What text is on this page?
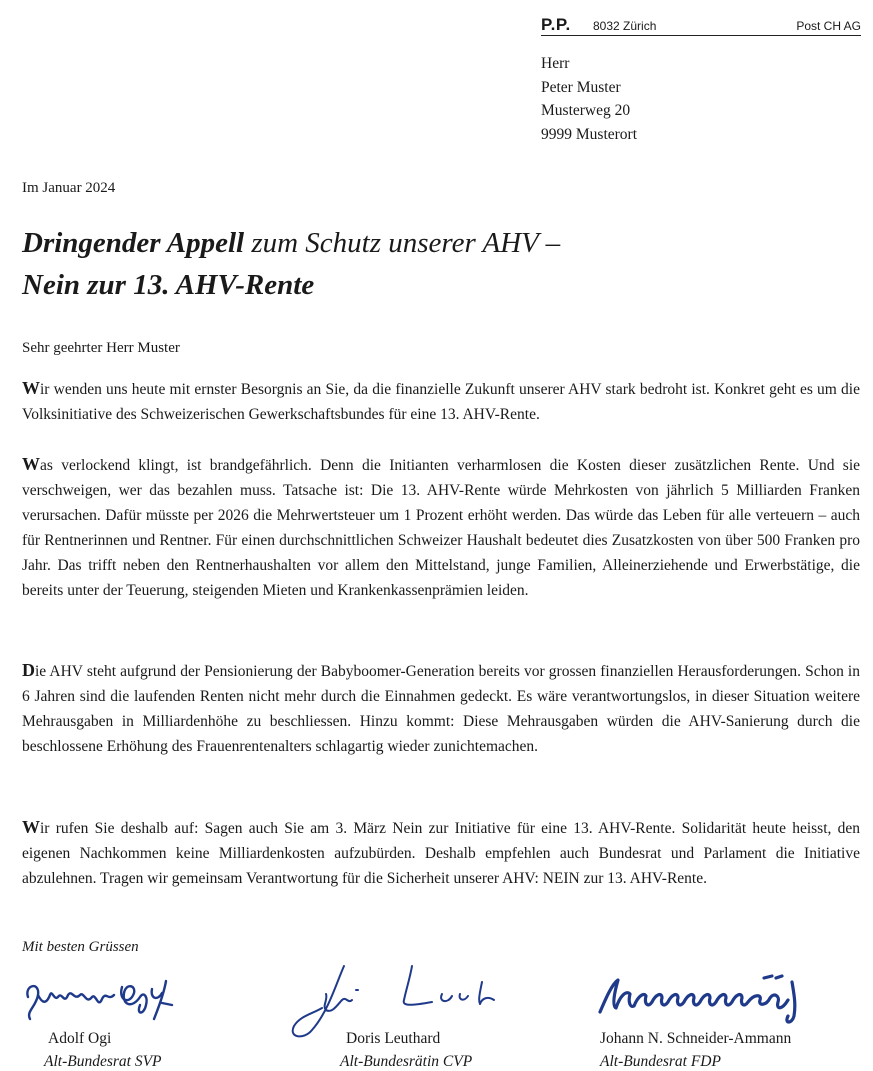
P.P. 8032 Zürich	Post CH AG
Herr
Peter Muster
Musterweg 20
9999 Musterort
Im Januar 2024
Dringender Appell zum Schutz unserer AHV –
Nein zur 13. AHV-Rente
Sehr geehrter Herr Muster
Wir wenden uns heute mit ernster Besorgnis an Sie, da die finanzielle Zukunft unserer AHV stark bedroht ist. Konkret geht es um die Volksinitiative des Schweizerischen Gewerkschaftsbundes für eine 13. AHV-Rente.
Was verlockend klingt, ist brandgefährlich. Denn die Initianten verharmlosen die Kosten dieser zusätzlichen Rente. Und sie verschweigen, wer das bezahlen muss. Tatsache ist: Die 13. AHV-Rente würde Mehrkosten von jährlich 5 Milliarden Franken verursachen. Dafür müsste per 2026 die Mehrwertsteuer um 1 Prozent erhöht werden. Das würde das Leben für alle verteuern – auch für Rentnerinnen und Rentner. Für einen durchschnittlichen Schweizer Haushalt bedeutet dies Zusatzkosten von über 500 Franken pro Jahr. Das trifft neben den Rentnerhaushalten vor allem den Mittelstand, junge Familien, Alleinerziehende und Erwerbstätige, die bereits unter der Teuerung, steigenden Mieten und Krankenkassenprämien leiden.
Die AHV steht aufgrund der Pensionierung der Babyboomer-Generation bereits vor grossen finanziellen Herausforderungen. Schon in 6 Jahren sind die laufenden Renten nicht mehr durch die Einnahmen gedeckt. Es wäre verantwortungslos, in dieser Situation weitere Mehrausgaben in Milliardenhöhe zu beschliessen. Hinzu kommt: Diese Mehrausgaben würden die AHV-Sanierung durch die beschlossene Erhöhung des Frauenrentenalters schlagartig wieder zunichtemachen.
Wir rufen Sie deshalb auf: Sagen auch Sie am 3. März Nein zur Initiative für eine 13. AHV-Rente. Solidarität heute heisst, den eigenen Nachkommen keine Milliardenkosten aufzubürden. Deshalb empfehlen auch Bundesrat und Parlament die Initiative abzulehnen. Tragen wir gemeinsam Verantwortung für die Sicherheit unserer AHV: NEIN zur 13. AHV-Rente.
Mit besten Grüssen
Adolf Ogi
Alt-Bundesrat SVP
Doris Leuthard
Alt-Bundesrätin CVP
Johann N. Schneider-Ammann
Alt-Bundesrat FDP
